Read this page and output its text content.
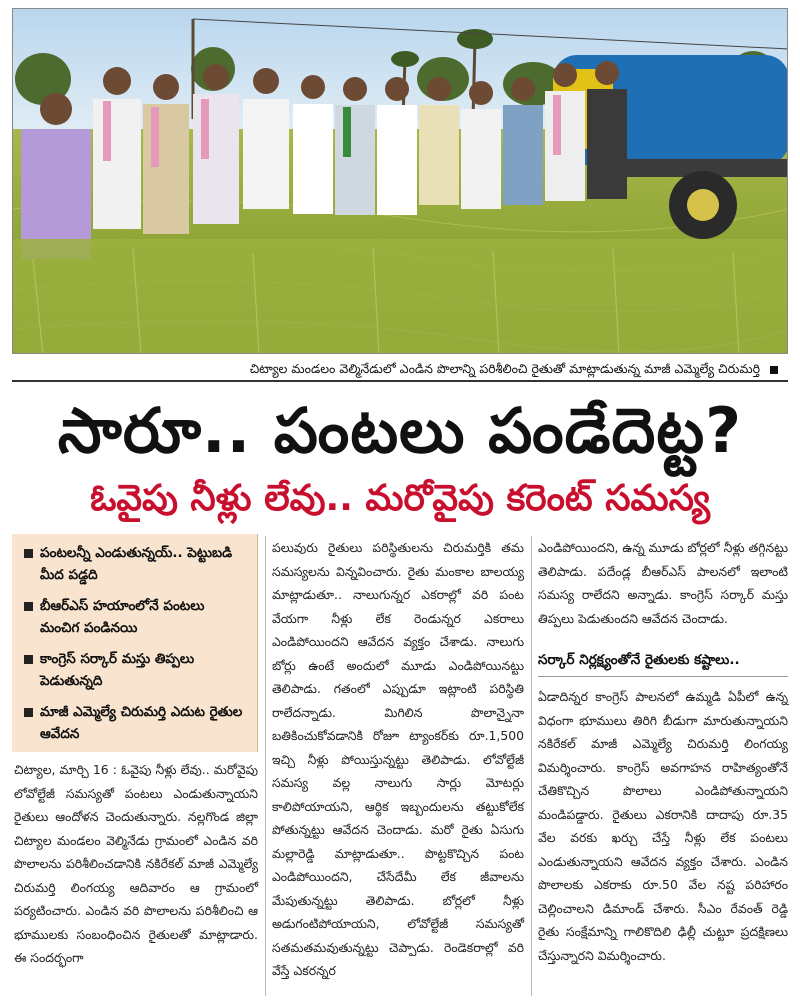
చిట్యాల మండలం వెల్మినేడులో ఎండిన పొలాన్ని పరిశీలించి రైతుతో మాట్లాడుతున్న మాజీ ఎమ్మెల్యే చిరుమర్తి
సారూ.. పంటలు పండేదెట్ట?
ఓవైపు నీళ్లు లేవు.. మరోవైపు కరెంట్ సమస్య
పంటలన్నీ ఎండుతున్నయ్.. పెట్టుబడి మీద పడ్డది
బీఆర్ఎస్ హయాంలోనే పంటలు మంచిగ పండినయి
కాంగ్రెస్ సర్కార్ మస్తు తిప్పలు పెడుతున్నది
మాజీ ఎమ్మెల్యే చిరుమర్తి ఎదుట రైతుల ఆవేదన

చిట్యాల, మార్చి 16 : ఓవైపు నీళ్లు లేవు.. మరోవైపు లోవోల్టేజీ సమస్యతో పంటలు ఎండుతున్నాయని రైతులు ఆందోళన చెందుతున్నారు. నల్లగొండ జిల్లా చిట్యాల మండలం వెల్మినేడు గ్రామంలో ఎండిన వరి పొలాలను పరిశీలించడానికి నకిరేకల్ మాజీ ఎమ్మెల్యే చిరుమర్తి లింగయ్య ఆదివారం ఆ గ్రామంలో పర్యటించారు. ఎండిన వరి పొలాలను పరిశీలించి ఆ భూములకు సంబంధించిన రైతులతో మాట్లాడారు. ఈ సందర్భంగా

పలువురు రైతులు పరిస్థితులను చిరుమర్తికి తమ సమస్యలను విన్నవించారు. రైతు మంకాల బాలయ్య మాట్లాడుతూ.. నాలుగున్నర ఎకరాల్లో వరి పంట వేయగా నీళ్లు లేక రెండున్నర ఎకరాలు ఎండిపోయిందని ఆవేదన వ్యక్తం చేశాడు. నాలుగు బోర్లు ఉంటే అందులో మూడు ఎండిపోయినట్టు తెలిపాడు. గతంలో ఎప్పుడూ ఇట్లాంటి పరిస్థితి రాలేదన్నాడు. మిగిలిన పొలాన్నైనా బతికించుకోవడానికి రోజూ ట్యాంకర్‌కు రూ.1,500 ఇచ్చి నీళ్లు పోయిస్తున్నట్టు తెలిపాడు. లోవోల్టేజీ సమస్య వల్ల నాలుగు సార్లు మోటర్లు కాలిపోయాయని, ఆర్థిక ఇబ్బందులను తట్టుకోలేక పోతున్నట్టు ఆవేదన చెందాడు. మరో రైతు ఏసుగు మల్లారెడ్డి మాట్లాడుతూ.. పొట్టకొచ్చిన పంట ఎండిపోయిందని, చేసేదేమీ లేక జీవాలను మేపుతున్నట్టు తెలిపాడు. బోర్లలో నీళ్లు అడుగంటిపోయాయని, లోవోల్టేజీ సమస్యతో సతమతమవుతున్నట్టు చెప్పాడు. రెండెకరాల్లో వరి వేస్తే ఎకరన్నర

ఎండిపోయిందని, ఉన్న మూడు బోర్లలో నీళ్లు తగ్గినట్టు తెలిపాడు. పదేండ్ల బీఆర్ఎస్ పాలనలో ఇలాంటి సమస్య రాలేదని అన్నాడు. కాంగ్రెస్ సర్కార్ మస్తు తిప్పలు పెడుతుందని ఆవేదన చెందాడు.

సర్కార్ నిర్లక్ష్యంతోనే రైతులకు కష్టాలు..

ఏడాదిన్నర కాంగ్రెస్ పాలనలో ఉమ్మడి ఏపీలో ఉన్న విధంగా భూములు తిరిగి బీడుగా మారుతున్నాయని నకిరేకల్ మాజీ ఎమ్మెల్యే చిరుమర్తి లింగయ్య విమర్శించారు. కాంగ్రెస్ అవగాహన రాహిత్యంతోనే చేతికొచ్చిన పొలాలు ఎండిపోతున్నాయని మండిపడ్డారు. రైతులు ఎకరానికి దాదాపు రూ.35 వేల వరకు ఖర్చు చేస్తే నీళ్లు లేక పంటలు ఎండుతున్నాయని ఆవేదన వ్యక్తం చేశారు. ఎండిన పొలాలకు ఎకరాకు రూ.50 వేల నష్ట పరిహారం చెల్లించాలని డిమాండ్ చేశారు. సీఎం రేవంత్ రెడ్డి రైతు సంక్షేమాన్ని గాలికొదిలి ఢిల్లీ చుట్టూ ప్రదక్షిణలు చేస్తున్నారని విమర్శించారు.
